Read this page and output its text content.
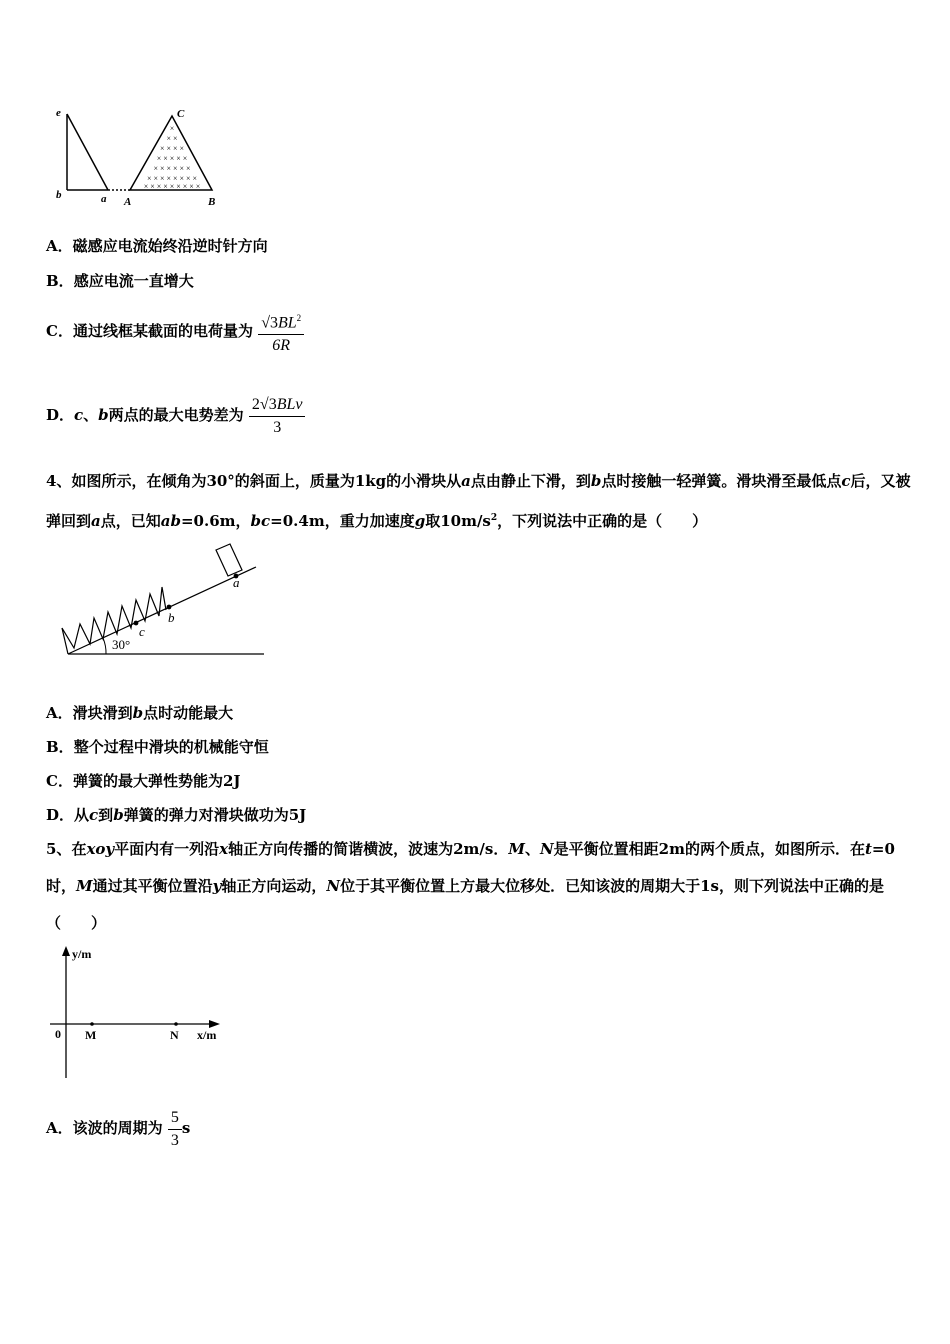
×
× ×
× × × ×
× × × × ×
× × × × × ×
× × × × × × × ×
× × × × × × × × ×
e	C
b	a A	B
A．磁感应电流始终沿逆时针方向
B．感应电流一直增大
C．通过线框某截面的电荷量为 $\frac{√3BL^2}{6R}$
D．c、b两点的最大电势差为 $\frac{\text{2√3BLv}}{3}$
4、如图所示，在倾角为30°的斜面上，质量为1kg的小滑块从a点由静止下滑，到b点时接触一轻弹簧。滑块滑至最低点c后，又被弹回到a点，已知ab=0.6m，bc=0.4m，重力加速度g取$10m/s^2$，下列说法中正确的是（　　）
c
b
a
30°
A．滑块滑到b点时动能最大
B．整个过程中滑块的机械能守恒
C．弹簧的最大弹性势能为2J
D．从c到b弹簧的弹力对滑块做功为5J
5、在xoy平面内有一列沿x轴正方向传播的简谐横波，波速为2m/s．M、N是平衡位置相距2m的两个质点，如图所示．在t=0时，M通过其平衡位置沿y轴正方向运动，N位于其平衡位置上方最大位移处．已知该波的周期大于1s，则下列说法中正确的是（　　）
y/m
0 M	N x/m
A．该波的周期为 $\frac{5}{3}$ s
